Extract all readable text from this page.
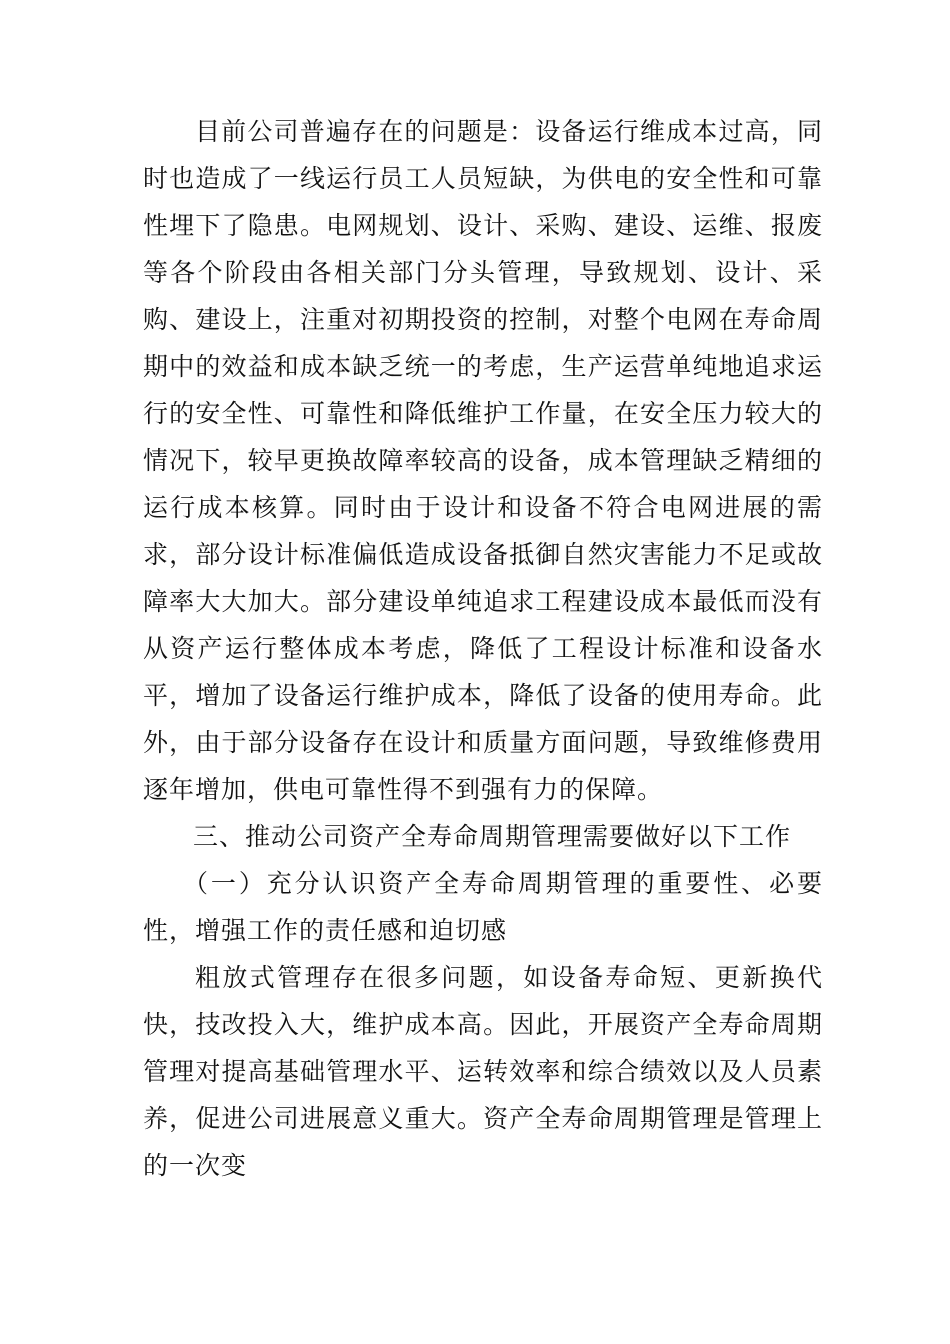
目前公司普遍存在的问题是：设备运行维成本过高，同时也造成了一线运行员工人员短缺，为供电的安全性和可靠性埋下了隐患。电网规划、设计、采购、建设、运维、报废等各个阶段由各相关部门分头管理，导致规划、设计、采购、建设上，注重对初期投资的控制，对整个电网在寿命周期中的效益和成本缺乏统一的考虑，生产运营单纯地追求运行的安全性、可靠性和降低维护工作量，在安全压力较大的情况下，较早更换故障率较高的设备，成本管理缺乏精细的运行成本核算。同时由于设计和设备不符合电网进展的需求，部分设计标准偏低造成设备抵御自然灾害能力不足或故障率大大加大。部分建设单纯追求工程建设成本最低而没有从资产运行整体成本考虑，降低了工程设计标准和设备水平，增加了设备运行维护成本，降低了设备的使用寿命。此外，由于部分设备存在设计和质量方面问题，导致维修费用逐年增加，供电可靠性得不到强有力的保障。

三、推动公司资产全寿命周期管理需要做好以下工作

（一）充分认识资产全寿命周期管理的重要性、必要性，增强工作的责任感和迫切感

粗放式管理存在很多问题，如设备寿命短、更新换代快，技改投入大，维护成本高。因此，开展资产全寿命周期管理对提高基础管理水平、运转效率和综合绩效以及人员素养，促进公司进展意义重大。资产全寿命周期管理是管理上的一次变
